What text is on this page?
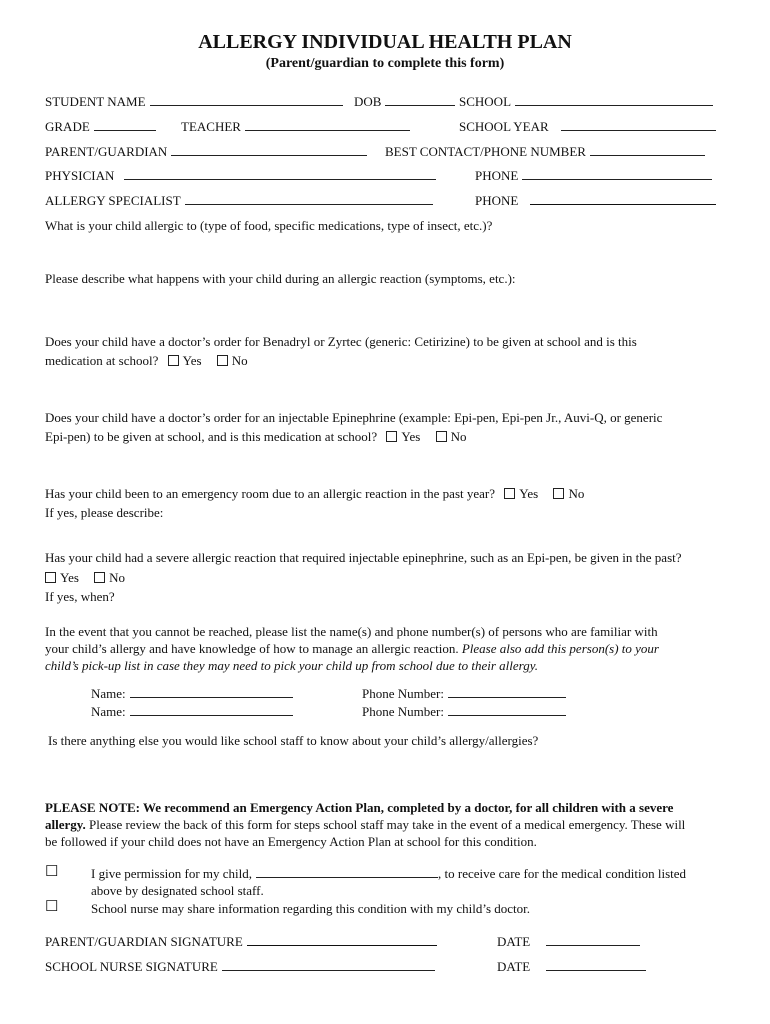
ALLERGY INDIVIDUAL HEALTH PLAN
(Parent/guardian to complete this form)
STUDENT NAME	DOB	SCHOOL
GRADE	TEACHER	SCHOOL YEAR
PARENT/GUARDIAN	BEST CONTACT/PHONE NUMBER
PHYSICIAN	PHONE
ALLERGY SPECIALIST	PHONE
What is your child allergic to (type of food, specific medications, type of insect, etc.)?
Please describe what happens with your child during an allergic reaction (symptoms, etc.):
Does your child have a doctor’s order for Benadryl or Zyrtec (generic: Cetirizine) to be given at school and is this
medication at school? Yes No
Does your child have a doctor’s order for an injectable Epinephrine (example: Epi-pen, Epi-pen Jr., Auvi-Q, or generic
Epi-pen) to be given at school, and is this medication at school? Yes No
Has your child been to an emergency room due to an allergic reaction in the past year? Yes No
If yes, please describe:
Has your child had a severe allergic reaction that required injectable epinephrine, such as an Epi-pen, be given in the past?
Yes No
If yes, when?
In the event that you cannot be reached, please list the name(s) and phone number(s) of persons who are familiar with
your child’s allergy and have knowledge of how to manage an allergic reaction. Please also add this person(s) to your
child’s pick-up list in case they may need to pick your child up from school due to their allergy.
Name:	Phone Number:
Name:	Phone Number:
Is there anything else you would like school staff to know about your child’s allergy/allergies?
PLEASE NOTE: We recommend an Emergency Action Plan, completed by a doctor, for all children with a severe
allergy. Please review the back of this form for steps school staff may take in the event of a medical emergency. These will
be followed if your child does not have an Emergency Action Plan at school for this condition.
☐	I give permission for my child,	, to receive care for the medical condition listed
above by designated school staff.
☐	School nurse may share information regarding this condition with my child’s doctor.
PARENT/GUARDIAN SIGNATURE	DATE
SCHOOL NURSE SIGNATURE	DATE
